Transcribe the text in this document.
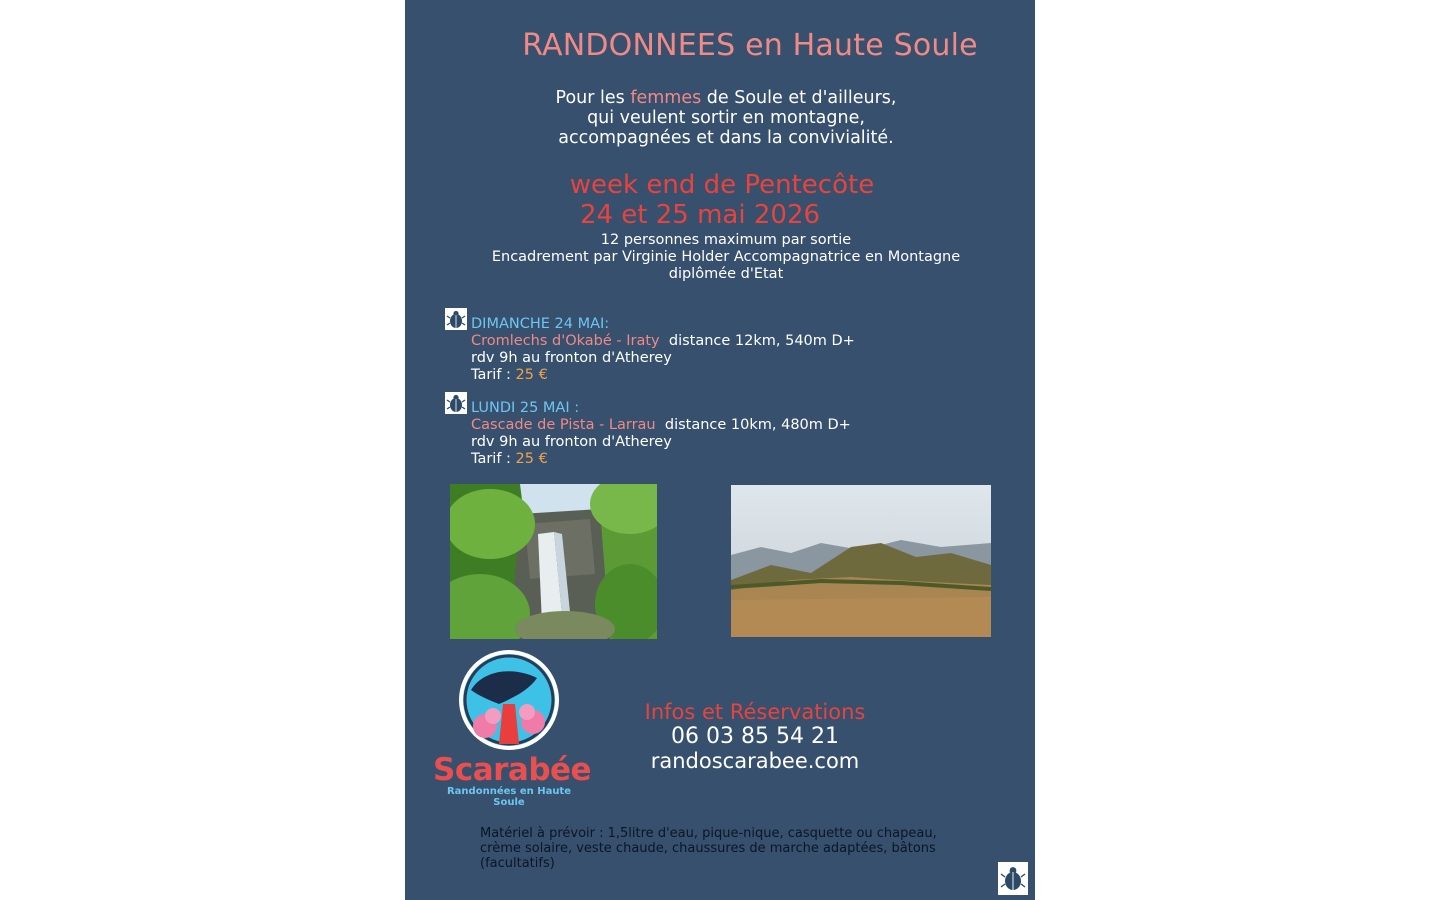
RANDONNEES en Haute Soule
Pour les femmes de Soule et d'ailleurs,
qui veulent sortir en montagne,
accompagnées et dans la convivialité.
week end de Pentecôte
24 et 25 mai 2026
12 personnes maximum par sortie
Encadrement par Virginie Holder Accompagnatrice en Montagne
diplômée d'Etat
DIMANCHE 24 MAI:
Cromlechs d'Okabé - Iraty  distance 12km, 540m D+
rdv 9h au fronton d'Atherey
Tarif : 25 €
LUNDI 25 MAI :
Cascade de Pista - Larrau  distance 10km, 480m D+
rdv 9h au fronton d'Atherey
Tarif : 25 €
Scarabée
Randonnées en Haute Soule
Infos et Réservations
06 03 85 54 21
randoscarabee.com
Matériel à prévoir : 1,5litre d'eau, pique-nique, casquette ou chapeau,
crème solaire, veste chaude, chaussures de marche adaptées, bâtons
(facultatifs)
